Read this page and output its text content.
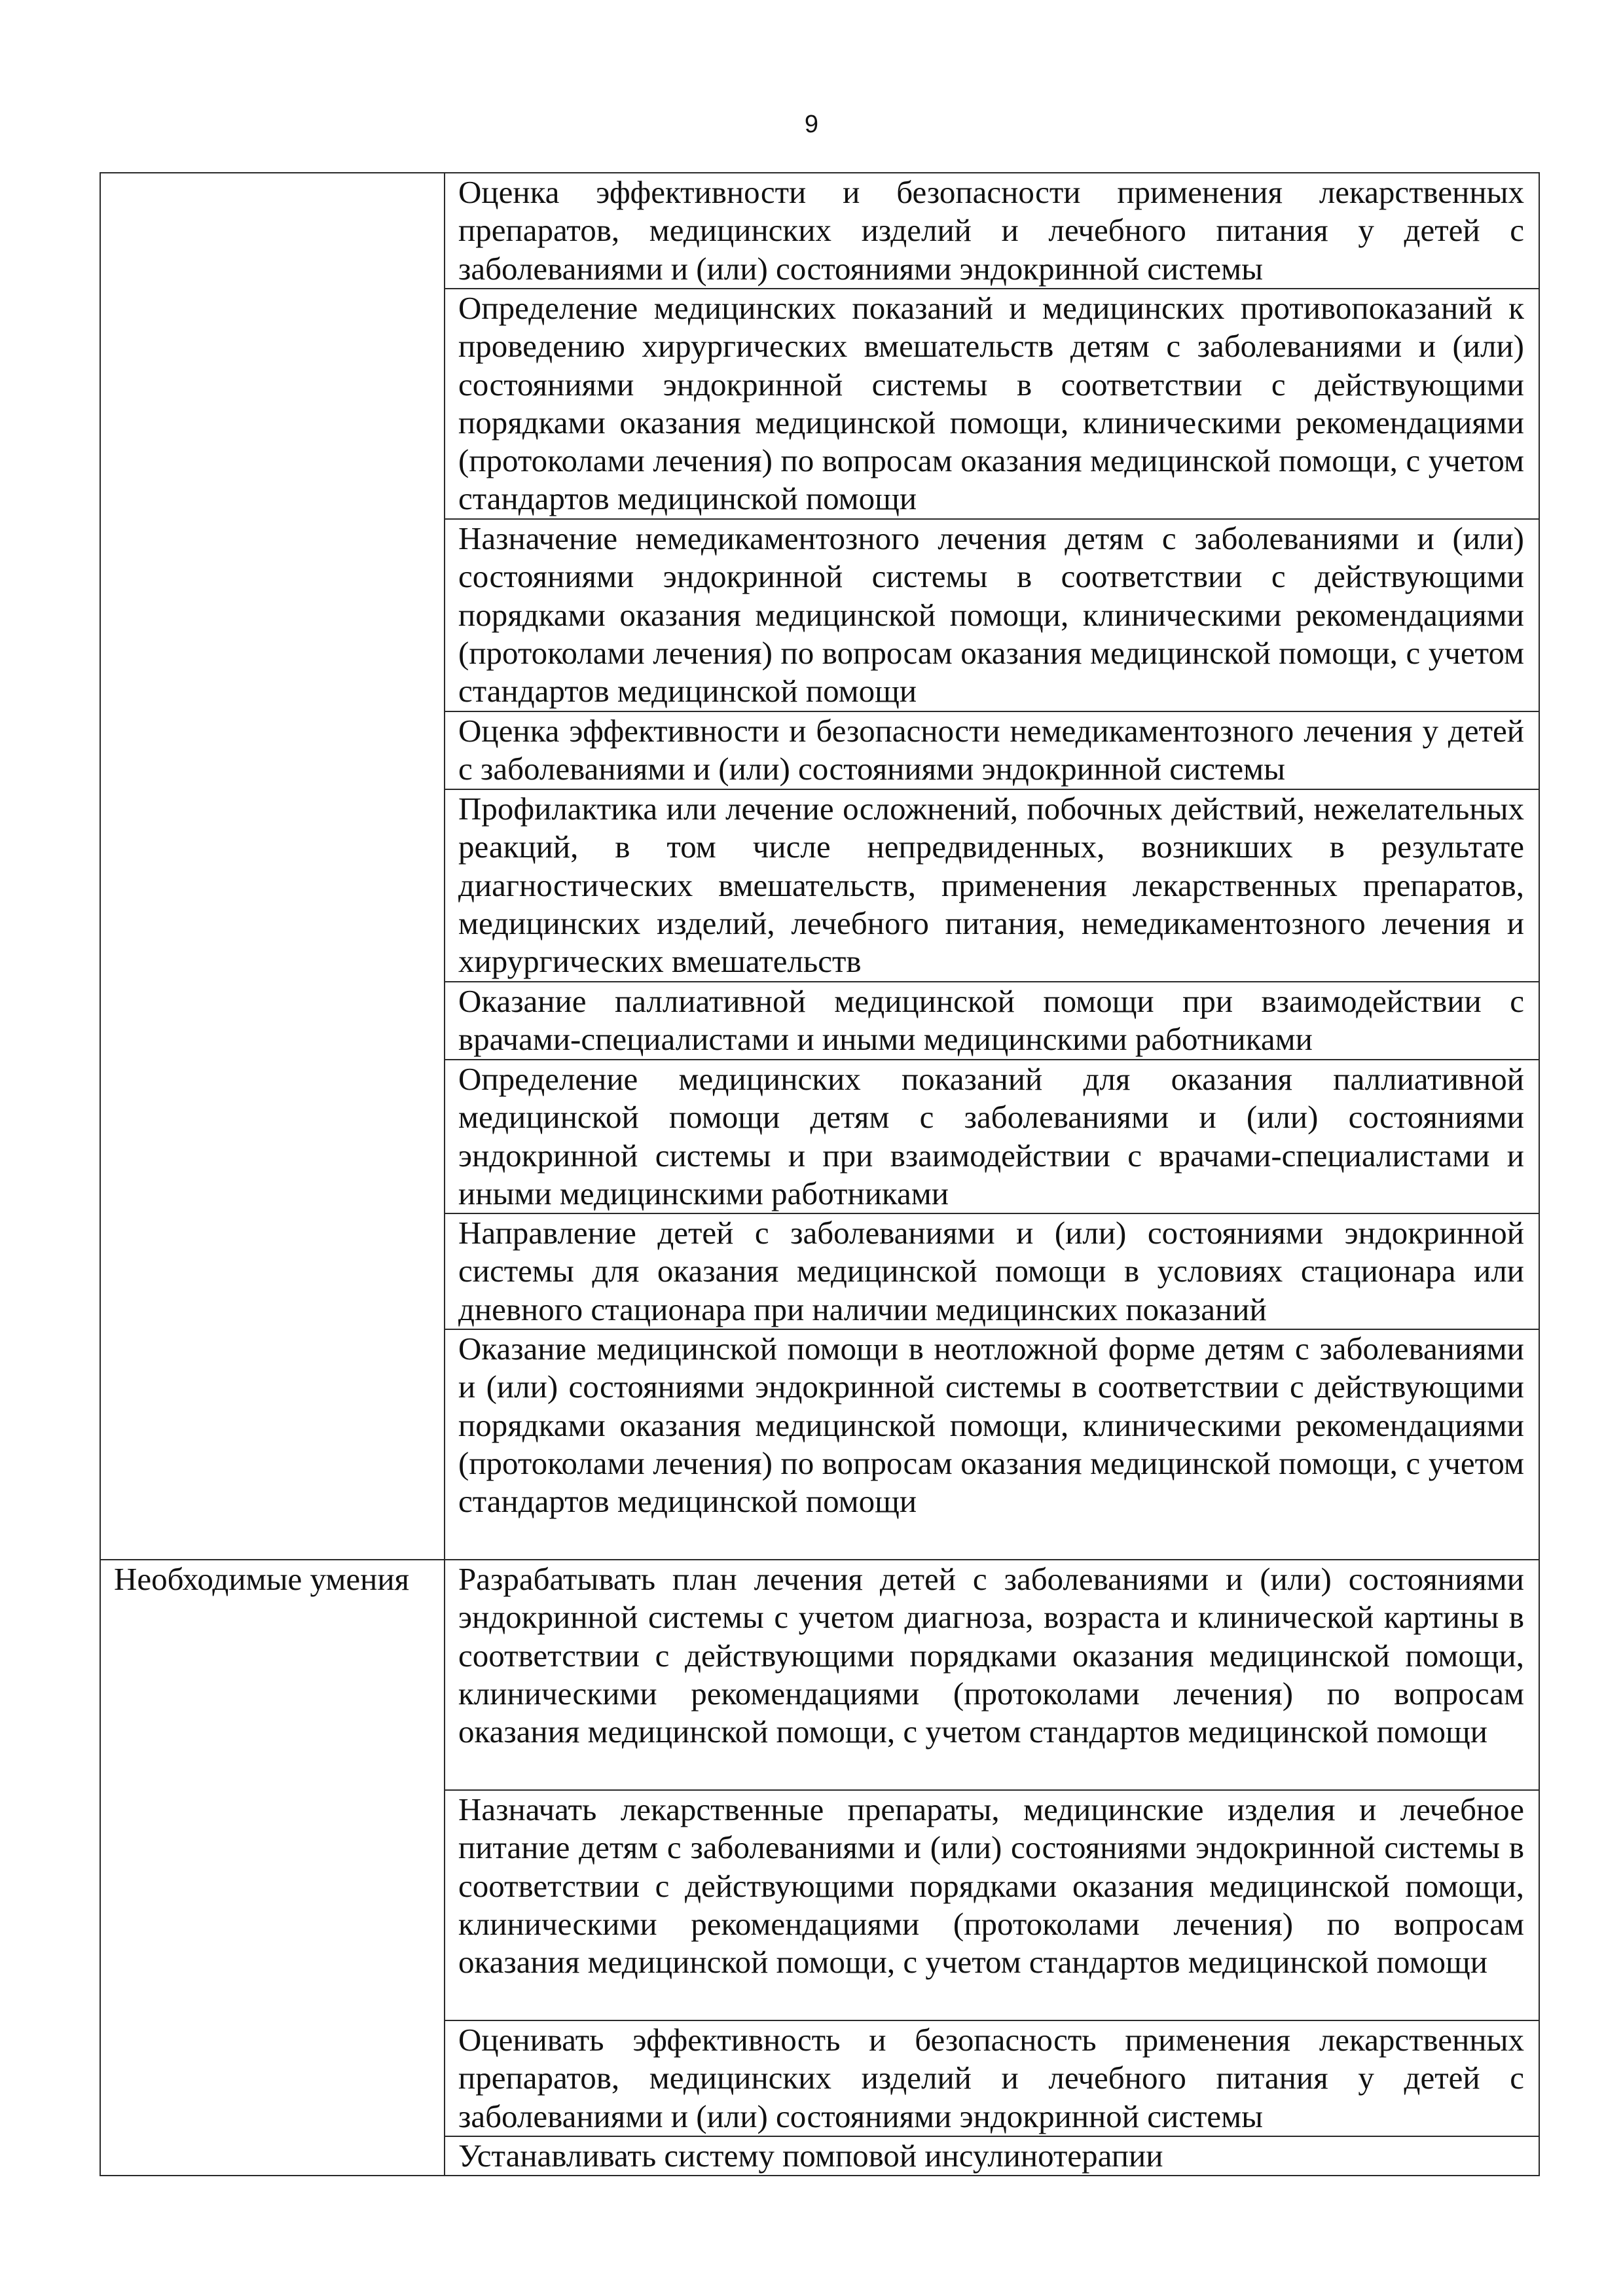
9
	Оценка эффективности и безопасности применения лекарственных препаратов, медицинских изделий и лечебного питания у детей с заболеваниями и (или) состояниями эндокринной системы
	Определение медицинских показаний и медицинских противопоказаний к проведению хирургических вмешательств детям с заболеваниями и (или) состояниями эндокринной системы в соответствии с действующими порядками оказания медицинской помощи, клиническими рекомендациями (протоколами лечения) по вопросам оказания медицинской помощи, с учетом стандартов медицинской помощи
	Назначение немедикаментозного лечения детям с заболеваниями и (или) состояниями эндокринной системы в соответствии с действующими порядками оказания медицинской помощи, клиническими рекомендациями (протоколами лечения) по вопросам оказания медицинской помощи, с учетом стандартов медицинской помощи
	Оценка эффективности и безопасности немедикаментозного лечения у детей с заболеваниями и (или) состояниями эндокринной системы
	Профилактика или лечение осложнений, побочных действий, нежелательных реакций, в том числе непредвиденных, возникших в результате диагностических вмешательств, применения лекарственных препаратов, медицинских изделий, лечебного питания, немедикаментозного лечения и хирургических вмешательств
	Оказание паллиативной медицинской помощи при взаимодействии с врачами-специалистами и иными медицинскими работниками
	Определение медицинских показаний для оказания паллиативной медицинской помощи детям с заболеваниями и (или) состояниями эндокринной системы и при взаимодействии с врачами-специалистами и иными медицинскими работниками
	Направление детей с заболеваниями и (или) состояниями эндокринной системы для оказания медицинской помощи в условиях стационара или дневного стационара при наличии медицинских показаний
	Оказание медицинской помощи в неотложной форме детям с заболеваниями и (или) состояниями эндокринной системы в соответствии с действующими порядками оказания медицинской помощи, клиническими рекомендациями (протоколами лечения) по вопросам оказания медицинской помощи, с учетом стандартов медицинской помощи
Необходимые умения	Разрабатывать план лечения детей с заболеваниями и (или) состояниями эндокринной системы с учетом диагноза, возраста и клинической картины в соответствии с действующими порядками оказания медицинской помощи, клиническими рекомендациями (протоколами лечения) по вопросам оказания медицинской помощи, с учетом стандартов медицинской помощи
	Назначать лекарственные препараты, медицинские изделия и лечебное питание детям с заболеваниями и (или) состояниями эндокринной системы в соответствии с действующими порядками оказания медицинской помощи, клиническими рекомендациями (протоколами лечения) по вопросам оказания медицинской помощи, с учетом стандартов медицинской помощи
	Оценивать эффективность и безопасность применения лекарственных препаратов, медицинских изделий и лечебного питания у детей с заболеваниями и (или) состояниями эндокринной системы
	Устанавливать систему помповой инсулинотерапии
